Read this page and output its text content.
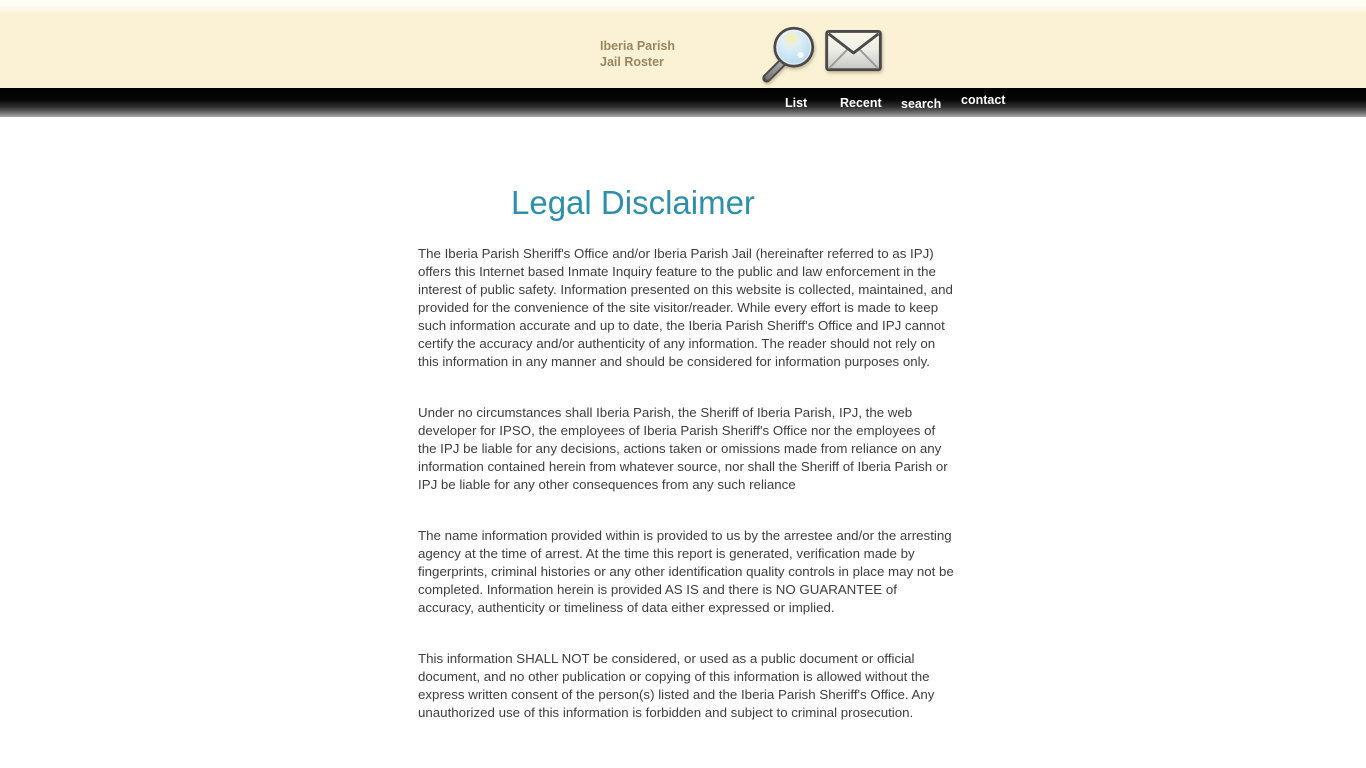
Iberia Parish
Jail Roster

List	Recent search contact
Legal Disclaimer

The Iberia Parish Sheriff's Office and/or Iberia Parish Jail (hereinafter referred to as IPJ) offers this Internet based Inmate Inquiry feature to the public and law enforcement in the interest of public safety. Information presented on this website is collected, maintained, and provided for the convenience of the site visitor/reader. While every effort is made to keep such information accurate and up to date, the Iberia Parish Sheriff's Office and IPJ cannot certify the accuracy and/or authenticity of any information. The reader should not rely on this information in any manner and should be considered for information purposes only.

Under no circumstances shall Iberia Parish, the Sheriff of Iberia Parish, IPJ, the web developer for IPSO, the employees of Iberia Parish Sheriff's Office nor the employees of the IPJ be liable for any decisions, actions taken or omissions made from reliance on any information contained herein from whatever source, nor shall the Sheriff of Iberia Parish or IPJ be liable for any other consequences from any such reliance

The name information provided within is provided to us by the arrestee and/or the arresting agency at the time of arrest. At the time this report is generated, verification made by fingerprints, criminal histories or any other identification quality controls in place may not be completed. Information herein is provided AS IS and there is NO GUARANTEE of accuracy, authenticity or timeliness of data either expressed or implied.

This information SHALL NOT be considered, or used as a public document or official document, and no other publication or copying of this information is allowed without the express written consent of the person(s) listed and the Iberia Parish Sheriff's Office. Any unauthorized use of this information is forbidden and subject to criminal prosecution.
